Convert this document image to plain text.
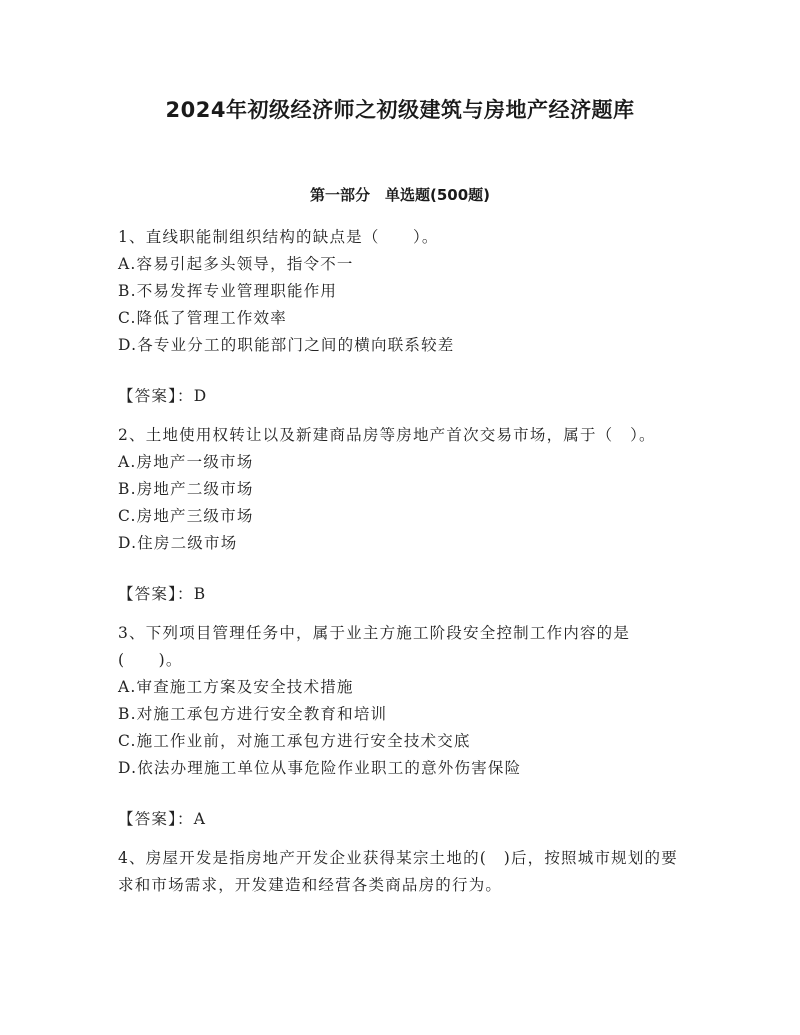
2024年初级经济师之初级建筑与房地产经济题库
第一部分　单选题(500题)

1、直线职能制组织结构的缺点是（　　）。

A.容易引起多头领导，指令不一

B.不易发挥专业管理职能作用

C.降低了管理工作效率

D.各专业分工的职能部门之间的横向联系较差

【答案】：D

2、土地使用权转让以及新建商品房等房地产首次交易市场，属于（　）。

A.房地产一级市场

B.房地产二级市场

C.房地产三级市场

D.住房二级市场

【答案】：B

3、下列项目管理任务中，属于业主方施工阶段安全控制工作内容的是(　　)。

A.审查施工方案及安全技术措施

B.对施工承包方进行安全教育和培训

C.施工作业前，对施工承包方进行安全技术交底

D.依法办理施工单位从事危险作业职工的意外伤害保险

【答案】：A

4、房屋开发是指房地产开发企业获得某宗土地的(　)后，按照城市规划的要求和市场需求，开发建造和经营各类商品房的行为。
